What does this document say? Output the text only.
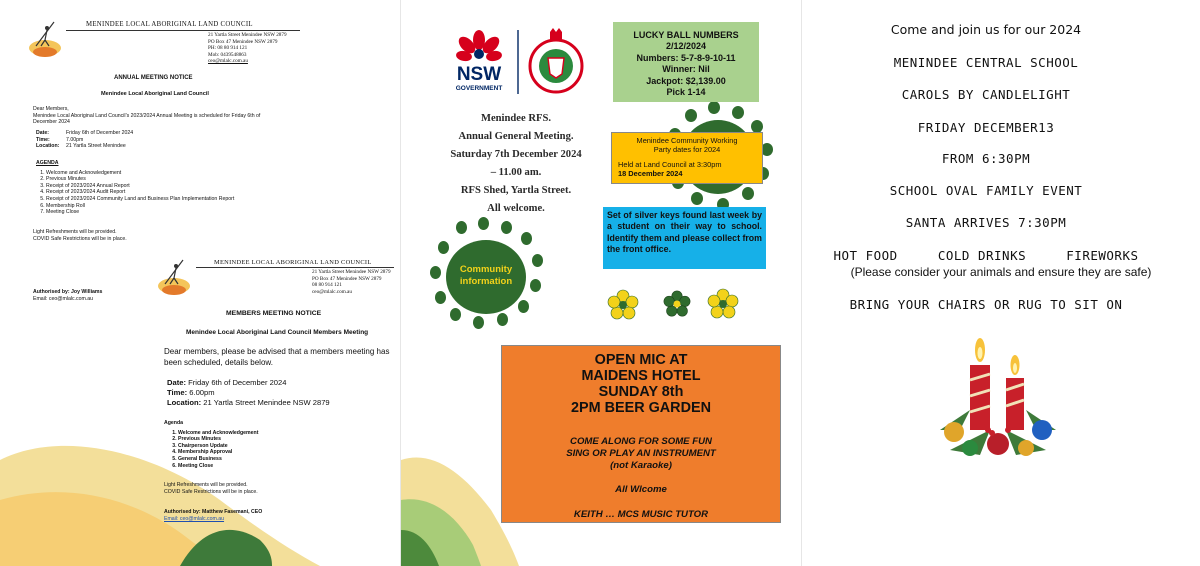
MENINDEE LOCAL ABORIGINAL LAND COUNCIL
21 Yartla Street Menindee NSW 2879
PO Box 47 Menindee NSW 2879
PH: 08 80 914 121
Mob: 0439548863
ceo@mlalc.com.au
ANNUAL MEETING NOTICE
Menindee Local Aboriginal Land Council
Dear Members,
Menindee Local Aboriginal Land Council's 2023/2024 Annual Meeting is scheduled for Friday 6th of December 2024
Date:	Friday 6th of December 2024
Time:	7.00pm
Location:	21 Yartla Street Menindee
AGENDA
1. Welcome and Acknowledgement
2. Previous Minutes
3. Receipt of 2023/2024 Annual Report
4. Receipt of 2023/2024 Audit Report
5. Receipt of 2023/2024 Community Land and Business Plan Implementation Report
6. Membership Roll
7. Meeting Close
Light Refreshments will be provided.
COVID Safe Restrictions will be in place.
Authorised by: Joy Williams
Email: ceo@mlalc.com.au
MENINDEE LOCAL ABORIGINAL LAND COUNCIL
21 Yartla Street Menindee NSW 2879
PO Box 47 Menindee NSW 2879
08 80 914 121
ceo@mlalc.com.au
MEMBERS MEETING NOTICE
Menindee Local Aboriginal Land Council Members Meeting
Dear members, please be advised that a members meeting has been scheduled, details below.
Date: Friday 6th of December 2024
Time: 6.00pm
Location: 21 Yartla Street Menindee NSW 2879
Agenda
1. Welcome and Acknowledgement
2. Previous Minutes
3. Chairperson Update
4. Membership Approval
5. General Business
6. Meeting Close
Light Refreshments will be provided.
COVID Safe Restrictions will be in place.
Authorised by: Matthew Fasemani, CEO
Email: ceo@mlalc.com.au
Community
information
NSW
GOVERNMENT
Menindee RFS.
Annual General Meeting.
Saturday 7th December 2024
– 11.00 am.
RFS Shed, Yartla Street.
All welcome.
LUCKY BALL NUMBERS
2/12/2024
Numbers: 5-7-8-9-10-11
Winner: Nil
Jackpot: $2,139.00
Pick 1-14
Menindee Community Working
Party dates for 2024
Held at Land Council at 3:30pm
18 December 2024
Set of silver keys found last week by a student on their way to school. Identify them and please collect from the front office.
OPEN MIC AT
MAIDENS HOTEL
SUNDAY 8th
2PM BEER GARDEN
COME ALONG FOR SOME FUN
SING OR PLAY AN INSTRUMENT
(not Karaoke)
All Wlcome
KEITH … MCS MUSIC TUTOR
Come and join us for our 2024
MENINDEE CENTRAL SCHOOL
CAROLS BY CANDLELIGHT
FRIDAY DECEMBER13
FROM 6:30PM
SCHOOL OVAL FAMILY EVENT
SANTA ARRIVES 7:30PM
HOT FOOD	COLD DRINKS	FIREWORKS
(Please consider your animals and ensure they are safe)
BRING YOUR CHAIRS OR RUG TO SIT ON
